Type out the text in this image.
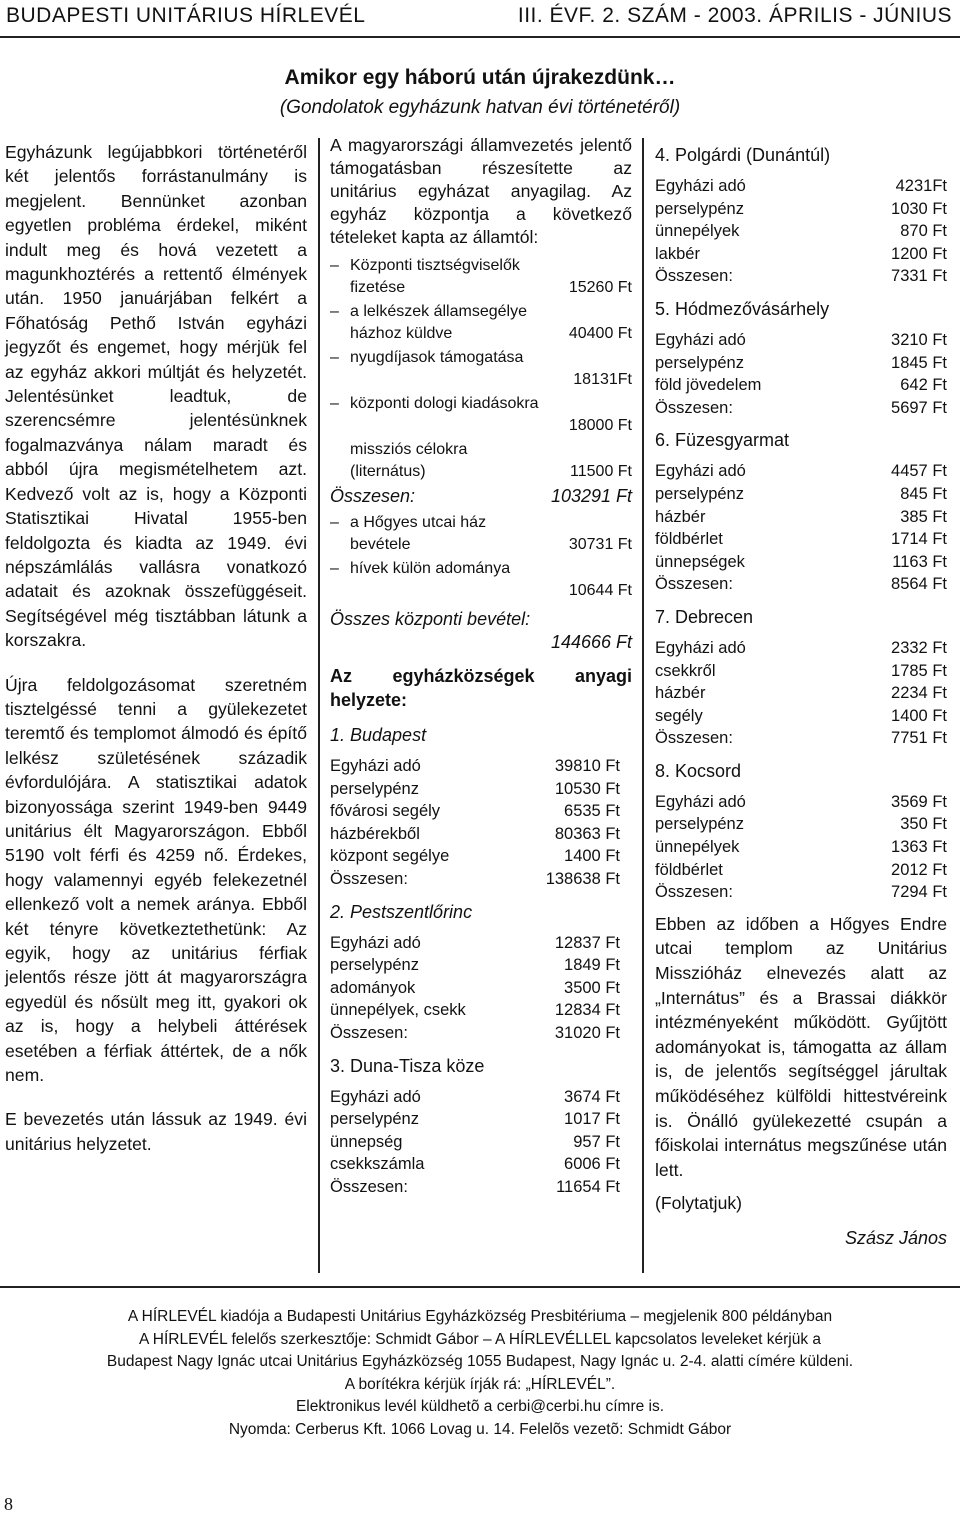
BUDAPESTI UNITÁRIUS HÍRLEVÉL	III. ÉVF. 2. SZÁM - 2003. ÁPRILIS - JÚNIUS
Amikor egy háború után újrakezdünk…
(Gondolatok egyházunk hatvan évi történetéről)

Egyházunk legújabbkori történetéről két jelentős forrástanulmány is megjelent. Bennünket azonban egyetlen probléma érdekel, miként indult meg és hová vezetett a magunkhoztérés a rettentő élmények után. 1950 januárjában felkért a Főhatóság Pethő István egyházi jegyzőt és engemet, hogy mérjük fel az egyház akkori múltját és helyzetét. Jelentésünket leadtuk, de szerencsémre jelentésünknek fogalmazványa nálam maradt és abból újra megismételhetem azt. Kedvező volt az is, hogy a Központi Statisztikai Hivatal 1955-ben feldolgozta és kiadta az 1949. évi népszámlálás vallásra vonatkozó adatait és azoknak összefüggéseit. Segítségével még tisztábban látunk a korszakra.

Újra feldolgozásomat szeretném tisztelgéssé tenni a gyülekezetet teremtő és templomot álmodó és építő lelkész születésének századik évfordulójára. A statisztikai adatok bizonyossága szerint 1949-ben 9449 unitárius élt Magyarországon. Ebből 5190 volt férfi és 4259 nő. Érdekes, hogy valamennyi egyéb felekezetnél ellenkező volt a nemek aránya. Ebből két tényre következtethetünk: Az egyik, hogy az unitárius férfiak jelentős része jött át magyarországra egyedül és nősült meg itt, gyakori ok az is, hogy a helybeli áttérések esetében a férfiak áttértek, de a nők nem.

E bevezetés után lássuk az 1949. évi unitárius helyzetet.

A magyarországi államvezetés jelentő támogatásban részesítette az unitárius egyházat anyagilag. Az egyház központja a következő tételeket kapta az államtól:
– Központi tisztségviselők
fizetése	15260 Ft
– a lelkészek államsegélye
házhoz küldve	40400 Ft
– nyugdíjasok támogatása
18131Ft
– központi dologi kiadásokra
18000 Ft
missziós célokra
(liternátus)	11500 Ft
Összesen:	103291 Ft
– a Hőgyes utcai ház
bevétele	30731 Ft
– hívek külön adománya
10644 Ft
Összes központi bevétel:
144666 Ft
Az egyházközségek anyagi
helyzete:
1. Budapest
Egyházi adó	39810 Ft
perselypénz	10530 Ft
fővárosi segély	6535 Ft
házbérekből	80363 Ft
központ segélye	1400 Ft
Összesen:	138638 Ft
2. Pestszentlőrinc
Egyházi adó	12837 Ft
perselypénz	1849 Ft
adományok	3500 Ft
ünnepélyek, csekk	12834 Ft
Összesen:	31020 Ft
3. Duna-Tisza köze
Egyházi adó	3674 Ft
perselypénz	1017 Ft
ünnepség	957 Ft
csekkszámla	6006 Ft
Összesen:	11654 Ft
4. Polgárdi (Dunántúl)
Egyházi adó	4231Ft
perselypénz	1030 Ft
ünnepélyek	870 Ft
lakbér	1200 Ft
Összesen:	7331 Ft
5. Hódmezővásárhely
Egyházi adó	3210 Ft
perselypénz	1845 Ft
föld jövedelem	642 Ft
Összesen:	5697 Ft
6. Füzesgyarmat
Egyházi adó	4457 Ft
perselypénz	845 Ft
házbér	385 Ft
földbérlet	1714 Ft
ünnepségek	1163 Ft
Összesen:	8564 Ft
7. Debrecen
Egyházi adó	2332 Ft
csekkről	1785 Ft
házbér	2234 Ft
segély	1400 Ft
Összesen:	7751 Ft
8. Kocsord
Egyházi adó	3569 Ft
perselypénz	350 Ft
ünnepélyek	1363 Ft
földbérlet	2012 Ft
Összesen:	7294 Ft
Ebben az időben a Hőgyes Endre utcai templom az Unitárius Misszióház elnevezés alatt az „Internátus” és a Brassai diákkör intézményeként működött. Gyűjtött adományokat is, támogatta az állam is, de jelentős segítséggel járultak működéséhez külföldi hittestvéreink is. Önálló gyülekezetté csupán a főiskolai internátus megszűnése után lett.
(Folytatjuk)
Szász János
A HÍRLEVÉL kiadója a Budapesti Unitárius Egyházközség Presbitériuma – megjelenik 800 példányban
A HÍRLEVÉL felelős szerkesztője: Schmidt Gábor – A HÍRLEVÉLLEL kapcsolatos leveleket kérjük a
Budapest Nagy Ignác utcai Unitárius Egyházközség 1055 Budapest, Nagy Ignác u. 2-4. alatti címére küldeni.
A borítékra kérjük írják rá: „HÍRLEVÉL”.
Elektronikus levél küldhetõ a cerbi@cerbi.hu címre is.
Nyomda: Cerberus Kft. 1066 Lovag u. 14. Felelõs vezetõ: Schmidt Gábor
8
